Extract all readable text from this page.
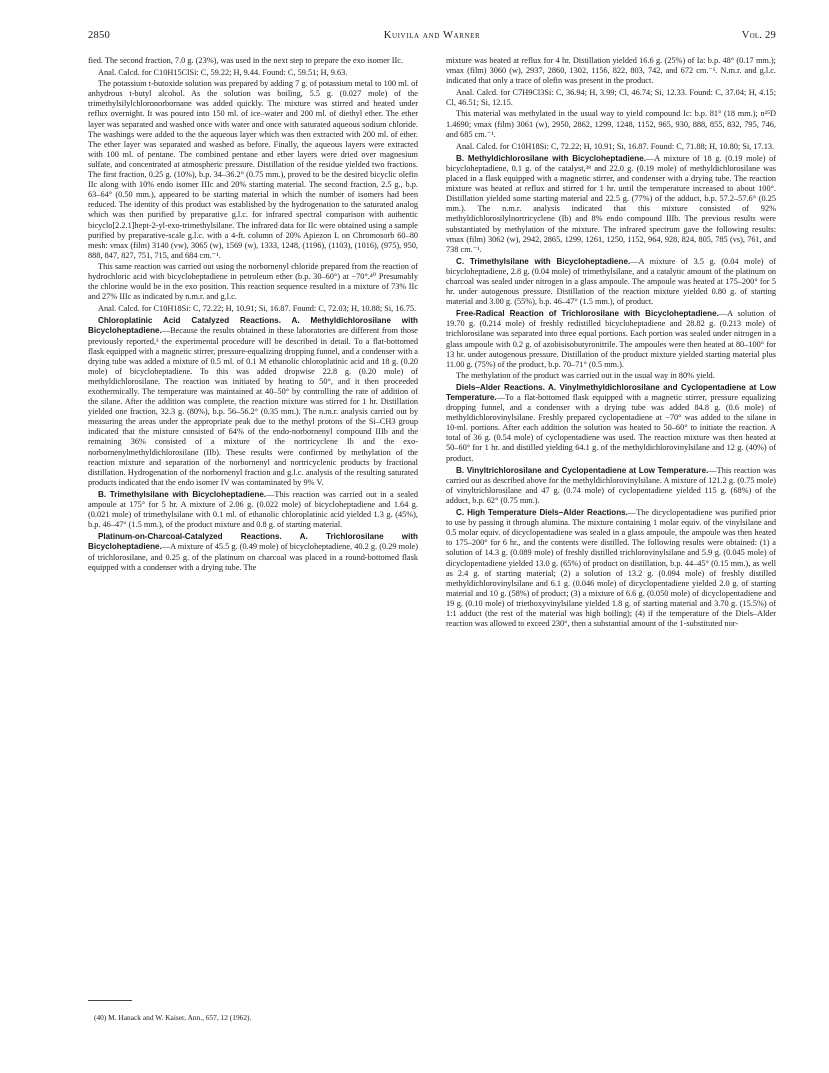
2850	Kuivila and Warner	Vol. 29

fied. The second fraction, 7.0 g. (23%), was used in the next step to prepare the exo isomer IIc.

Anal. Calcd. for C10H15ClSi: C, 59.22; H, 9.44. Found: C, 59.51; H, 9.63.

The potassium t-butoxide solution was prepared by adding 7 g. of potassium metal to 100 ml. of anhydrous t-butyl alcohol. As the solution was boiling, 5.5 g. (0.027 mole) of the trimethylsilylchloronorbornane was added quickly. The mixture was stirred and heated under reflux overnight. It was poured into 150 ml. of ice–water and 200 ml. of diethyl ether. The ether layer was separated and washed once with water and once with saturated aqueous sodium chloride. The washings were added to the the aqueous layer which was then extracted with 200 ml. of ether. The ether layer was separated and washed as before. Finally, the aqueous layers were extracted with 100 ml. of pentane. The combined pentane and ether layers were dried over magnesium sulfate, and concentrated at atmospheric pressure. Distillation of the residue yielded two fractions. The first fraction, 0.25 g. (10%), b.p. 34–36.2° (0.75 mm.), proved to be the desired bicyclic olefin IIc along with 10% endo isomer IIIc and 20% starting material. The second fraction, 2.5 g., b.p. 63–64° (0.50 mm.), appeared to be starting material in which the number of isomers had been reduced. The identity of this product was established by the hydrogenation to the saturated analog which was then purified by preparative g.l.c. for infrared spectral comparison with authentic bicyclo[2.2.1]hept-2-yl-exo-trimethylsilane. The infrared data for IIc were obtained using a sample purified by preparative-scale g.l.c. with a 4-ft. column of 20% Apiezon L on Chromosorb 60–80 mesh: νmax (film) 3140 (vw), 3065 (w), 1569 (w), 1333, 1248, (1196), (1103), (1016), (975), 950, 888, 847, 827, 751, 715, and 684 cm.⁻¹.

This same reaction was carried out using the norbornenyl chloride prepared from the reaction of hydrochloric acid with bicycloheptadiene in petroleum ether (b.p. 30–60°) at −70°.⁴⁰ Presumably the chlorine would be in the exo position. This reaction sequence resulted in a mixture of 73% IIc and 27% IIIc as indicated by n.m.r. and g.l.c.

Anal. Calcd. for C10H18Si: C, 72.22; H, 10.91; Si, 16.87. Found: C, 72.03; H, 10.88; Si, 16.75.

Chloroplatinic Acid Catalyzed Reactions. A. Methyldichlorosilane with Bicycloheptadiene.—Because the results obtained in these laboratories are different from those previously reported,³ the experimental procedure will be described in detail. To a flat-bottomed flask equipped with a magnetic stirrer, pressure-equalizing dropping funnel, and a condenser with a drying tube was added a mixture of 0.5 ml. of 0.1 M ethanolic chloroplatinic acid and 18 g. (0.20 mole) of bicycloheptadiene. To this was added dropwise 22.8 g. (0.20 mole) of methyldichlorosilane. The reaction was initiated by heating to 50°, and it then proceeded exothermically. The temperature was maintained at 40–50° by controlling the rate of addition of the silane. After the addition was complete, the reaction mixture was stirred for 1 hr. Distillation yielded one fraction, 32.3 g. (80%), b.p. 56–56.2° (0.35 mm.). The n.m.r. analysis carried out by measuring the areas under the appropriate peak due to the methyl protons of the Si–CH3 group indicated that the mixture consisted of 64% of the endo-norbornenyl compound IIIb and the remaining 36% consisted of a mixture of the nortricyclene Ib and the exo-norbornenylmethyldichlorosilane (IIb). These results were confirmed by methylation of the reaction mixture and separation of the norbornenyl and nortricyclenic products by fractional distillation. Hydrogenation of the norbornenyl fraction and g.l.c. analysis of the resulting saturated products indicated that the endo isomer IV was contaminated by 9% V.

B. Trimethylsilane with Bicycloheptadiene.—This reaction was carried out in a sealed ampoule at 175° for 5 hr. A mixture of 2.06 g. (0.022 mole) of bicycloheptadiene and 1.64 g. (0.021 mole) of trimethylsilane with 0.1 ml. of ethanolic chloroplatinic acid yielded 1.3 g. (45%), b.p. 46–47° (1.5 mm.), of the product mixture and 0.8 g. of starting material.

Platinum-on-Charcoal-Catalyzed Reactions. A. Trichlorosilane with Bicycloheptadiene.—A mixture of 45.5 g. (0.49 mole) of bicycloheptadiene, 40.2 g. (0.29 mole) of trichlorosilane, and 0.25 g. of the platinum on charcoal was placed in a round-bottomed flask equipped with a condenser with a drying tube. The

mixture was heated at reflux for 4 hr. Distillation yielded 16.6 g. (25%) of Ia: b.p. 48° (0.17 mm.); νmax (film) 3060 (w), 2937, 2860, 1302, 1156, 822, 803, 742, and 672 cm.⁻¹. N.m.r. and g.l.c. indicated that only a trace of olefin was present in the product.

Anal. Calcd. for C7H9Cl3Si: C, 36.94; H, 3.99; Cl, 46.74; Si, 12.33. Found: C, 37.04; H, 4.15; Cl, 46.51; Si, 12.15.

This material was methylated in the usual way to yield compound Ic: b.p. 81° (18 mm.); n²⁵D 1.4690; νmax (film) 3061 (w), 2950, 2862, 1299, 1248, 1152, 965, 930, 888, 855, 832, 795, 746, and 685 cm.⁻¹.

Anal. Calcd. for C10H18Si: C, 72.22; H, 10.91; Si, 16.87. Found: C, 71.88; H, 10.80; Si, 17.13.

B. Methyldichlorosilane with Bicycloheptadiene.—A mixture of 18 g. (0.19 mole) of bicycloheptadiene, 0.1 g. of the catalyst,³⁸ and 22.0 g. (0.19 mole) of methyldichlorosilane was placed in a flask equipped with a magnetic stirrer, and condenser with a drying tube. The reaction mixture was heated at reflux and stirred for 1 hr. until the temperature increased to about 100°. Distillation yielded some starting material and 22.5 g. (77%) of the adduct, b.p. 57.2–57.6° (0.25 mm.). The n.m.r. analysis indicated that this mixture consisted of 92% methyldichlorosilylnortricyclene (Ib) and 8% endo compound IIIb. The previous results were substantiated by methylation of the mixture. The infrared spectrum gave the following results: νmax (film) 3062 (w), 2942, 2865, 1299, 1261, 1250, 1152, 964, 928, 824, 805, 785 (vs), 761, and 738 cm.⁻¹.

C. Trimethylsilane with Bicycloheptadiene.—A mixture of 3.5 g. (0.04 mole) of bicycloheptadiene, 2.8 g. (0.04 mole) of trimethylsilane, and a catalytic amount of the platinum on charcoal was sealed under nitrogen in a glass ampoule. The ampoule was heated at 175–200° for 5 hr. under autogenous pressure. Distillation of the reaction mixture yielded 0.80 g. of starting material and 3.00 g. (55%), b.p. 46–47° (1.5 mm.), of product.

Free-Radical Reaction of Trichlorosilane with Bicycloheptadiene.—A solution of 19.70 g. (0.214 mole) of freshly redistilled bicycloheptadiene and 28.82 g. (0.213 mole) of trichlorosilane was separated into three equal portions. Each portion was sealed under nitrogen in a glass ampoule with 0.2 g. of azobisisobutyronitrile. The ampoules were then heated at 80–100° for 13 hr. under autogenous pressure. Distillation of the product mixture yielded starting material plus 11.00 g. (75%) of the product, b.p. 70–71° (0.5 mm.).

The methylation of the product was carried out in the usual way in 80% yield.

Diels–Alder Reactions. A. Vinylmethyldichlorosilane and Cyclopentadiene at Low Temperature.—To a flat-bottomed flask equipped with a magnetic stirrer, pressure equalizing dropping funnel, and a condenser with a drying tube was added 84.8 g. (0.6 mole) of methyldichlorovinylsilane. Freshly prepared cyclopentadiene at −70° was added to the silane in 10-ml. portions. After each addition the solution was heated to 50–60° to initiate the reaction. A total of 36 g. (0.54 mole) of cyclopentadiene was used. The reaction mixture was then heated at 50–60° for 1 hr. and distilled yielding 64.1 g. of the methyldichlorovinylsilane and 12 g. (40%) of product.

B. Vinyltrichlorosilane and Cyclopentadiene at Low Temperature.—This reaction was carried out as described above for the methyldichlorovinylsilane. A mixture of 121.2 g. (0.75 mole) of vinyltrichlorosilane and 47 g. (0.74 mole) of cyclopentadiene yielded 115 g. (68%) of the adduct, b.p. 62° (0.75 mm.).

C. High Temperature Diels–Alder Reactions.—The dicyclopentadiene was purified prior to use by passing it through alumina. The mixture containing 1 molar equiv. of the vinylsilane and 0.5 molar equiv. of dicyclopentadiene was sealed in a glass ampoule, the ampoule was then heated to 175–200° for 6 hr., and the contents were distilled. The following results were obtained: (1) a solution of 14.3 g. (0.089 mole) of freshly distilled trichlorovinylsilane and 5.9 g. (0.045 mole) of dicyclopentadiene yielded 13.0 g. (65%) of product on distillation, b.p. 44–45° (0.15 mm.), as well as 2.4 g. of starting material; (2) a solution of 13.2 g. (0.094 mole) of freshly distilled methyldichlorovinylsilane and 6.1 g. (0.046 mole) of dicyclopentadiene yielded 2.0 g. of starting material and 10 g. (58%) of product; (3) a mixture of 6.6 g. (0.050 mole) of dicyclopentadiene and 19 g. (0.10 mole) of triethoxyvinylsilane yielded 1.8 g. of starting material and 3.70 g. (15.5%) of 1:1 adduct (the rest of the material was high boiling); (4) if the temperature of the Diels–Alder reaction was allowed to exceed 230°, then a substantial amount of the 1-substituted nor-

(40) M. Hanack and W. Kaiser, Ann., 657, 12 (1962).
